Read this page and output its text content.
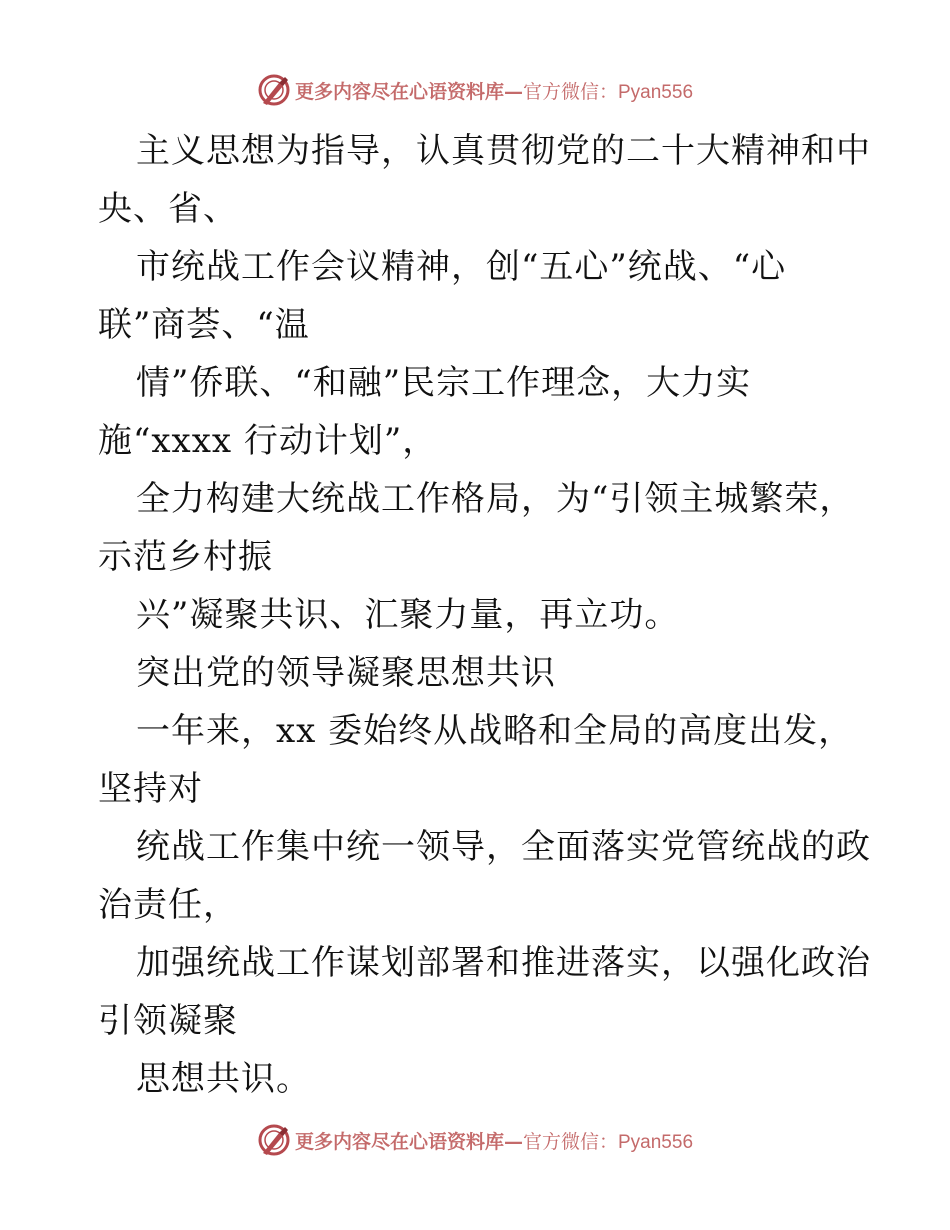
更多内容尽在心语资料库—官方微信：Pyan556
主义思想为指导，认真贯彻党的二十大精神和中
央、省、
市统战工作会议精神，创“五心”统战、“心
联”商荟、“温
情”侨联、“和融”民宗工作理念，大力实
施“xxxx 行动计划”，
全力构建大统战工作格局，为“引领主城繁荣，
示范乡村振
兴”凝聚共识、汇聚力量，再立功。
突出党的领导凝聚思想共识
一年来，xx 委始终从战略和全局的高度出发，
坚持对
统战工作集中统一领导，全面落实党管统战的政
治责任，
加强统战工作谋划部署和推进落实，以强化政治
引领凝聚
思想共识。
更多内容尽在心语资料库—官方微信：Pyan556
